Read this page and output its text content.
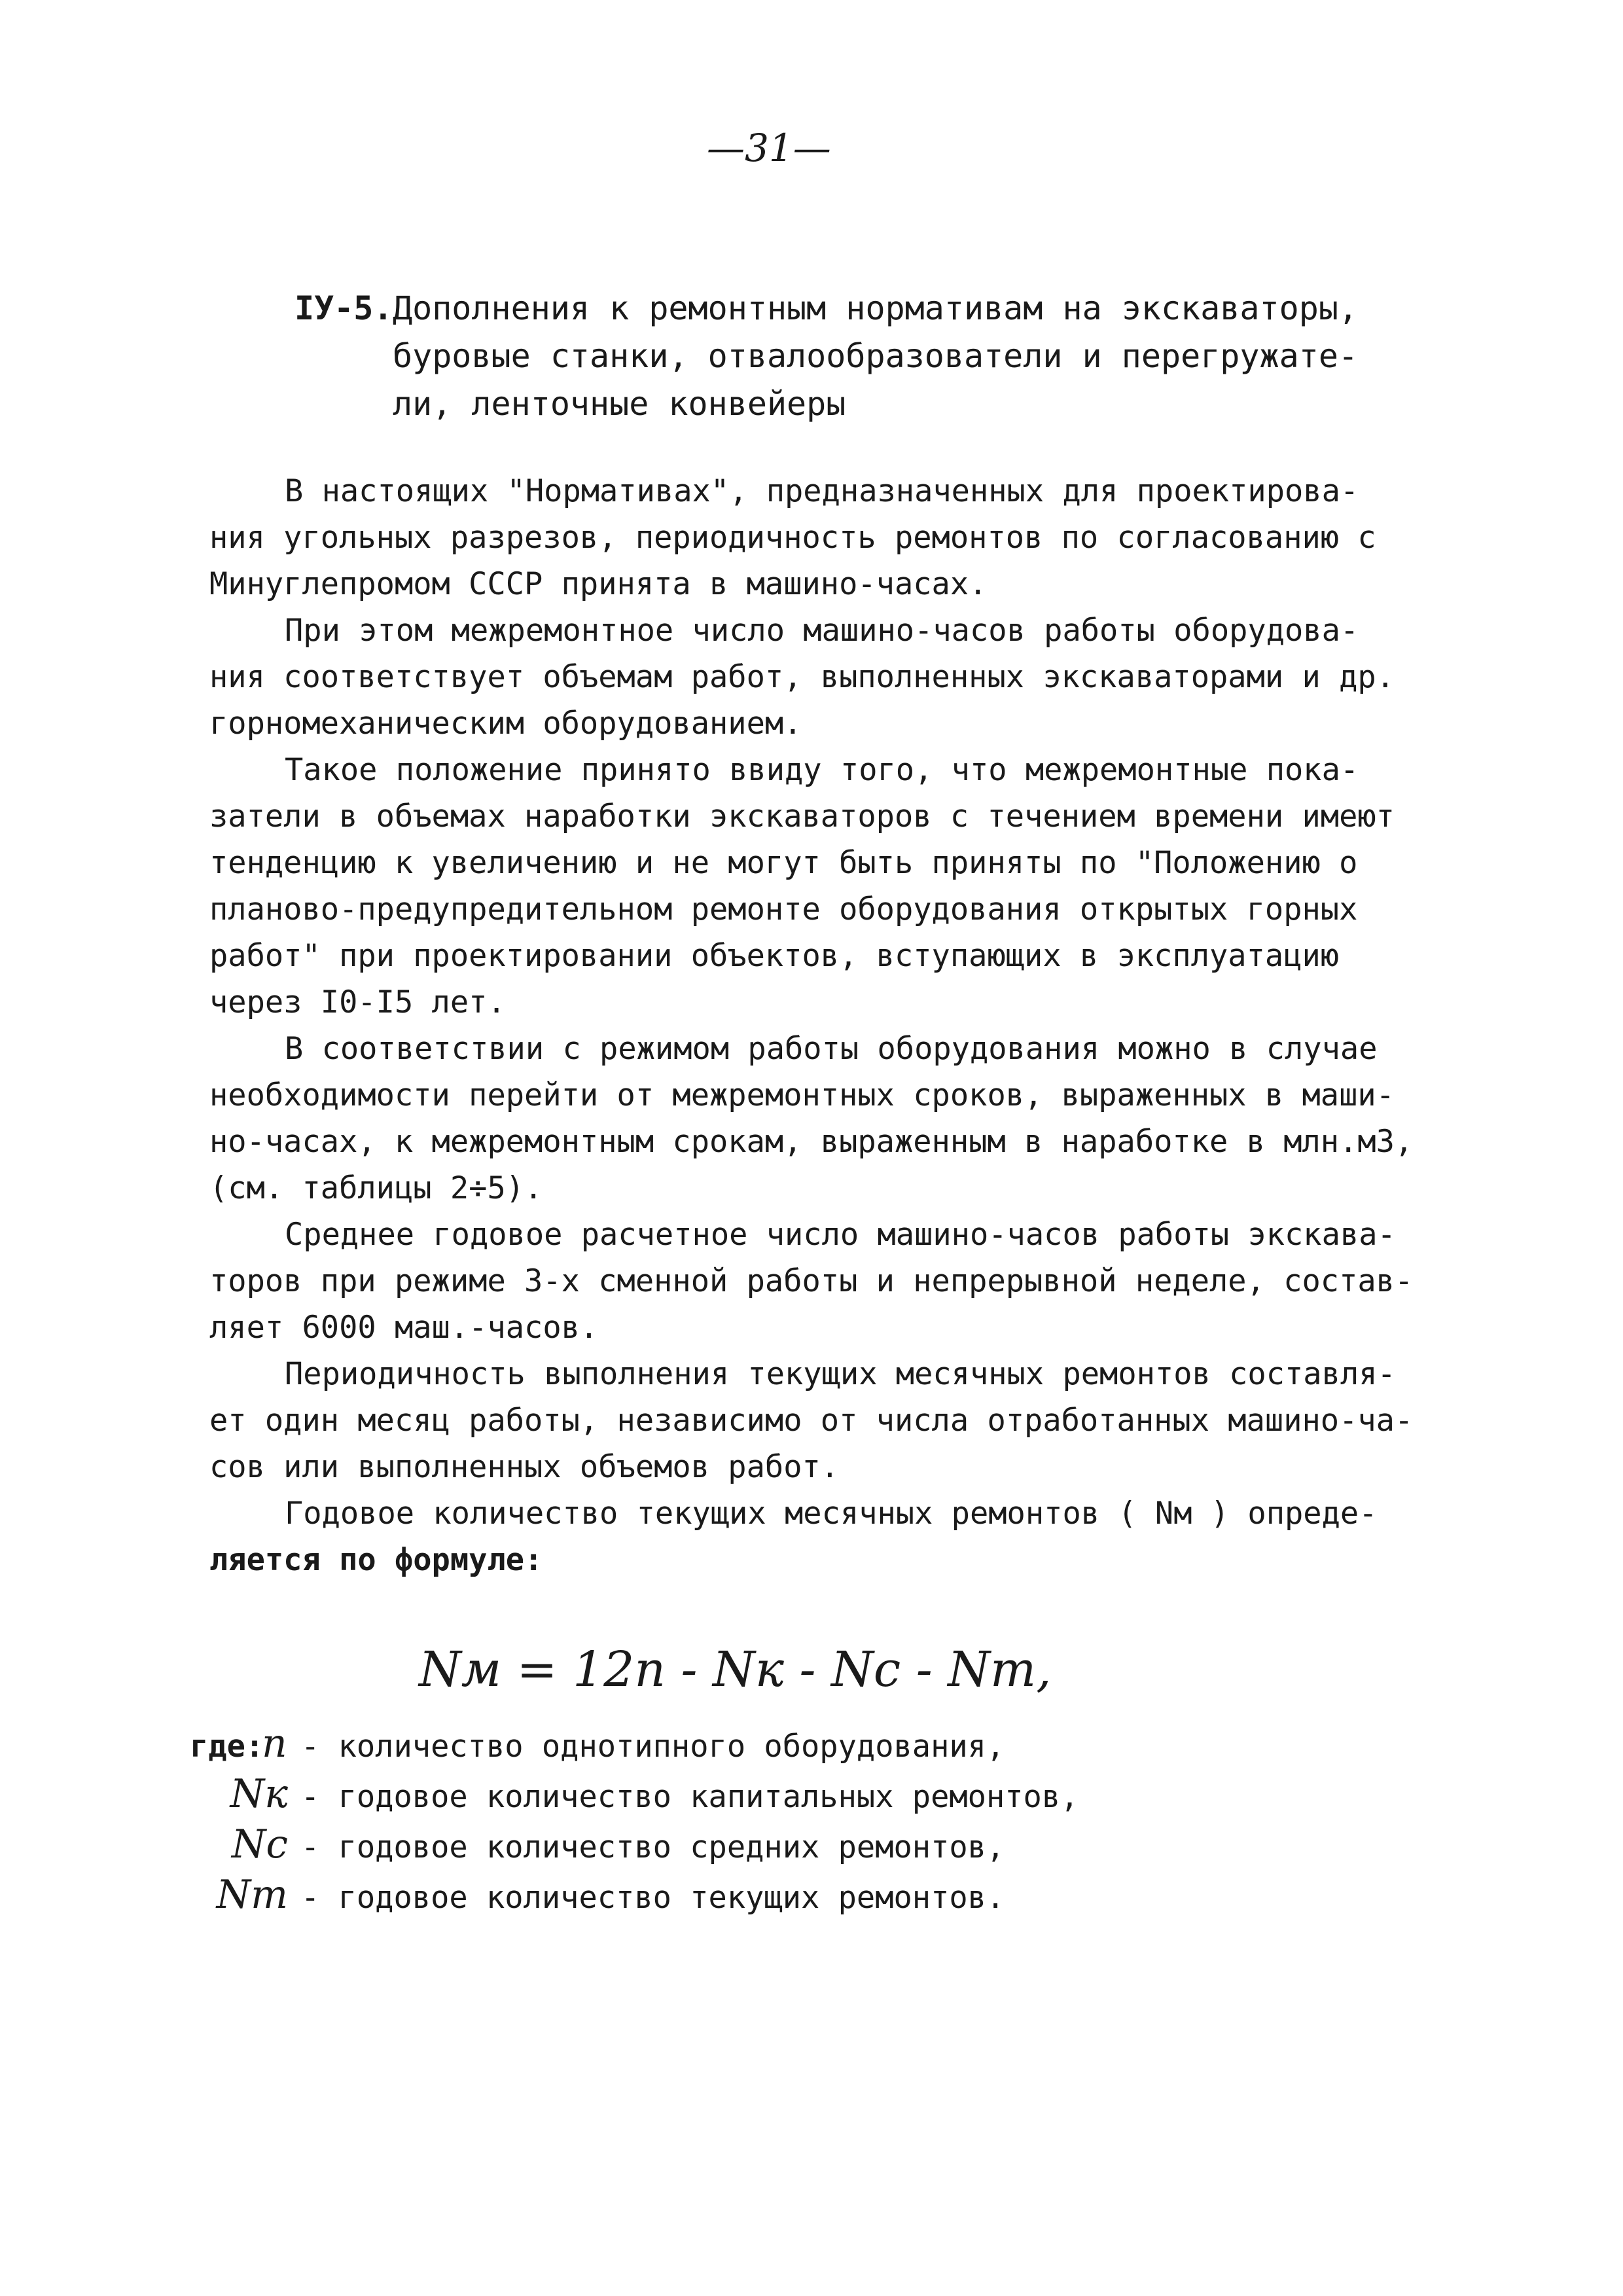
—31—
IУ-5. Дополнения к ремонтным нормативам на экскаваторы,
буровые станки, отвалообразователи и перегружате-
ли, ленточные конвейеры
В настоящих "Нормативах", предназначенных для проектирова-
ния угольных разрезов, периодичность ремонтов по согласованию с
Минуглепромом СССР принята в машино-часах.
При этом межремонтное число машино-часов работы оборудова-
ния соответствует объемам работ, выполненных экскаваторами и др.
горномеханическим оборудованием.
Такое положение принято ввиду того, что межремонтные пока-
затели в объемах наработки экскаваторов с течением времени имеют
тенденцию к увеличению и не могут быть приняты по "Положению о
планово-предупредительном ремонте оборудования открытых горных
работ" при проектировании объектов, вступающих в эксплуатацию
через I0-I5 лет.
В соответствии с режимом работы оборудования можно в случае
необходимости перейти от межремонтных сроков, выраженных в маши-
но-часах, к межремонтным срокам, выраженным в наработке в млн.м3,
(см. таблицы 2÷5).
Среднее годовое расчетное число машино-часов работы экскава-
торов при режиме 3-х сменной работы и непрерывной неделе, состав-
ляет 6000 маш.-часов.
Периодичность выполнения текущих месячных ремонтов составля-
ет один месяц работы, независимо от числа отработанных машино-ча-
сов или выполненных объемов работ.
Годовое количество текущих месячных ремонтов ( Nм ) опреде-
ляется по формуле:
Nм = 12n - Nк - Nс - Nт,
где:
n - количество однотипного оборудования,
Nк - годовое количество капитальных ремонтов,
Nс - годовое количество средних ремонтов,
Nт - годовое количество текущих ремонтов.
